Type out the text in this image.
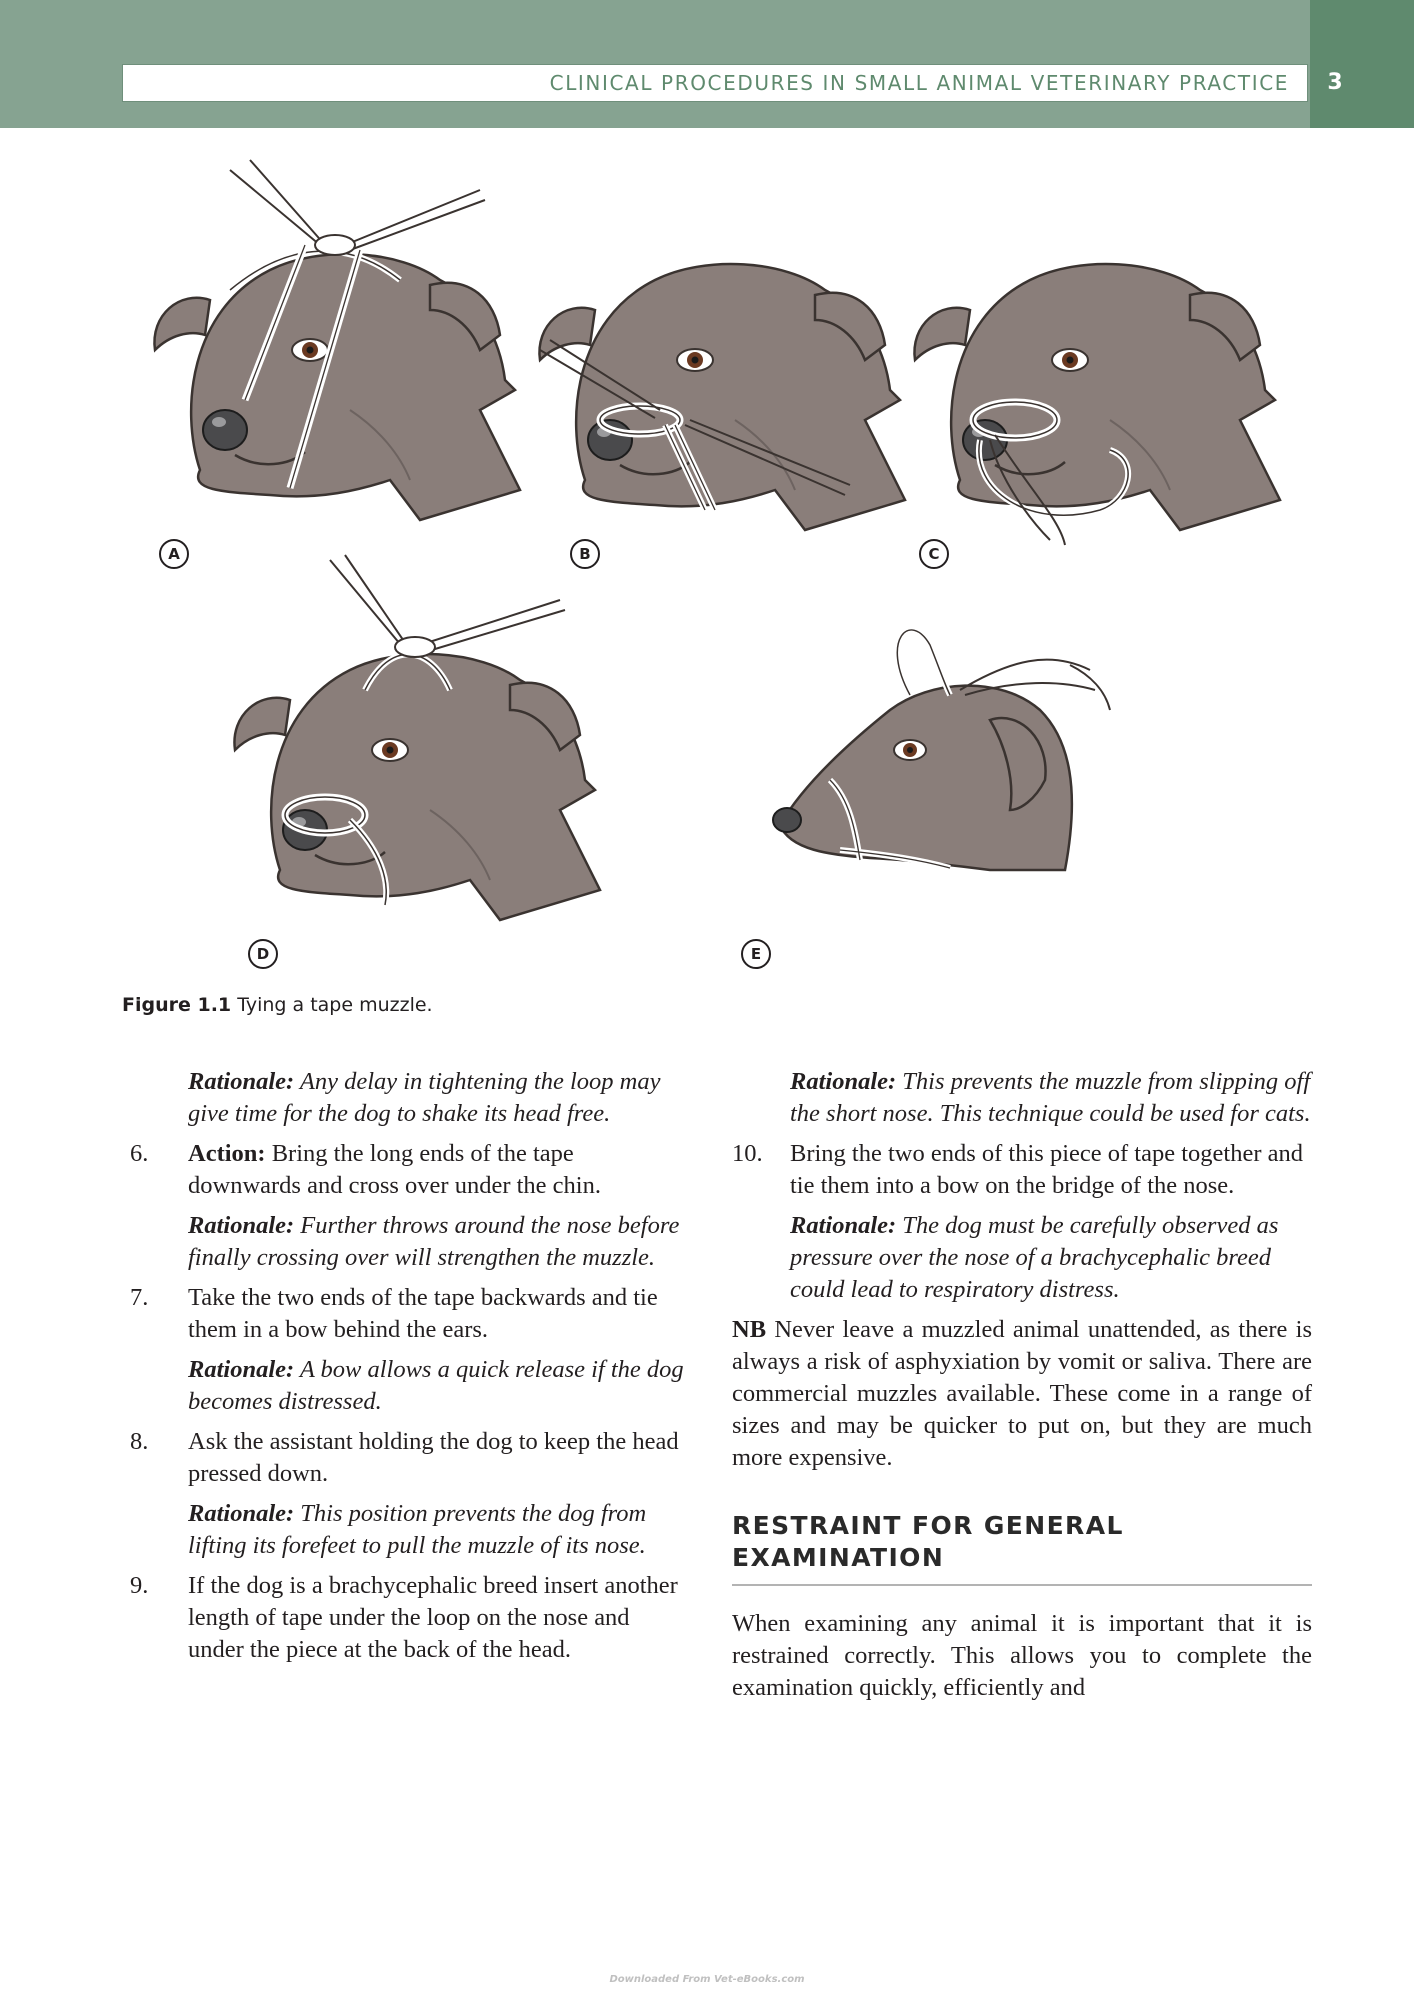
CLINICAL PROCEDURES IN SMALL ANIMAL VETERINARY PRACTICE	3
A	B	C
D	E
Figure 1.1 Tying a tape muzzle.

Rationale: Any delay in tightening the loop may give time for the dog to shake its head free.

6.	Action: Bring the long ends of the tape downwards and cross over under the chin.

Rationale: Further throws around the nose before finally crossing over will strengthen the muzzle.

7.	Take the two ends of the tape backwards and tie them in a bow behind the ears.

Rationale: A bow allows a quick release if the dog becomes distressed.

8.	Ask the assistant holding the dog to keep the head pressed down.

Rationale: This position prevents the dog from lifting its forefeet to pull the muzzle of its nose.

9.	If the dog is a brachycephalic breed insert another length of tape under the loop on the nose and under the piece at the back of the head.

Rationale: This prevents the muzzle from slipping off the short nose. This technique could be used for cats.

10.	Bring the two ends of this piece of tape together and tie them into a bow on the bridge of the nose.

Rationale: The dog must be carefully observed as pressure over the nose of a brachycephalic breed could lead to respiratory distress.

NB Never leave a muzzled animal unattended, as there is always a risk of asphyxiation by vomit or saliva. There are commercial muzzles available. These come in a range of sizes and may be quicker to put on, but they are much more expensive.

RESTRAINT FOR GENERAL EXAMINATION

When examining any animal it is important that it is restrained correctly. This allows you to complete the examination quickly, efficiently and

Downloaded From Vet-eBooks.com
